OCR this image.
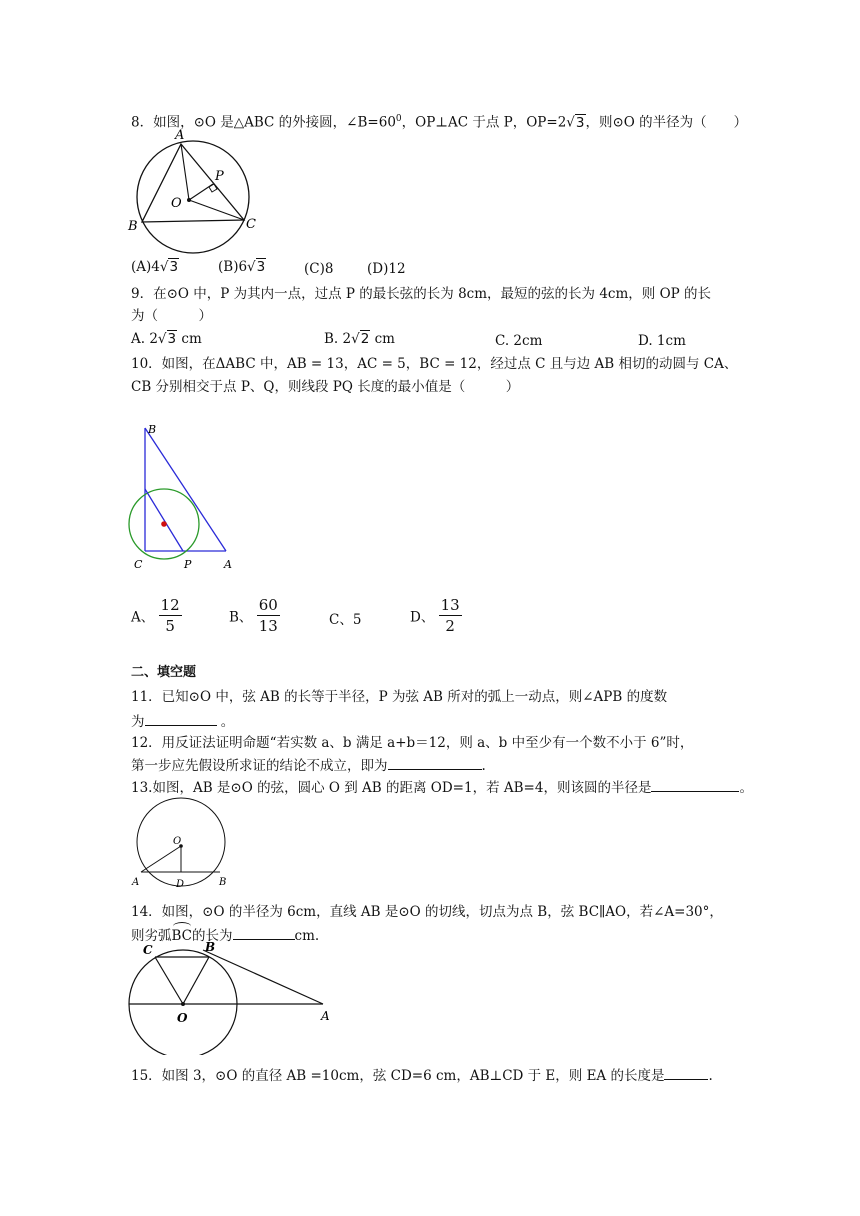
8．如图，⊙O 是△ABC 的外接圆，$\angle B=60^0$，OP⊥AC 于点 P，OP=2√3，则⊙O 的半径为（　　）
A
B	C
O
P
(A)4√3	(B)6√3	(C)8 (D)12
9．在⊙O 中，P 为其内一点，过点 P 的最长弦的长为 8cm，最短的弦的长为 4cm，则 OP 的长
为（　　　）
A. 2√3 cm	B. 2√2 cm	C. 2cm	D. 1cm
10．如图，在ΔABC 中，AB = 13，AC = 5，BC = 12，经过点 C 且与边 AB 相切的动圆与 CA、
CB 分别相交于点 P、Q，则线段 PQ 长度的最小值是（　　　）
B
C	P	A
A、 $\frac{12}{5}$	B、 $\frac{60}{13}$	C、5	D、 $\frac{13}{2}$
二、填空题
11．已知⊙O 中，弦 AB 的长等于半径，P 为弦 AB 所对的弧上一动点，则∠APB 的度数
为	。
12．用反证法证明命题“若实数 a、b 满足 a+b＝12，则 a、b 中至少有一个数不小于 6”时，
第一步应先假设所求证的结论不成立，即为	.
13.如图，AB 是⊙O 的弦，圆心 O 到 AB 的距离 OD=1，若 AB=4，则该圆的半径是	。
O
A	D	B
14．如图，⊙O 的半径为 6cm，直线 AB 是⊙O 的切线，切点为点 B，弦 BC∥AO，若∠A=30°，
则劣弧BC的长为	cm.
C	B
O	A
15．如图 3，⊙O 的直径 AB =10cm，弦 CD=6 cm，AB⊥CD 于 E，则 EA 的长度是	.
